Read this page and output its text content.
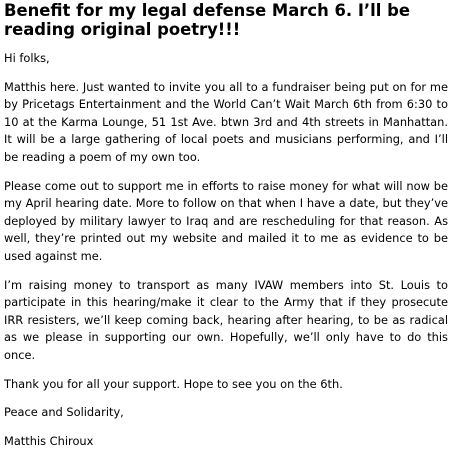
Benefit for my legal defense March 6. I’ll be reading original poetry!!!

Hi folks,

Matthis here. Just wanted to invite you all to a fundraiser being put on for me by Pricetags Entertainment and the World Can’t Wait March 6th from 6:30 to 10 at the Karma Lounge, 51 1st Ave. btwn 3rd and 4th streets in Manhattan. It will be a large gathering of local poets and musicians performing, and I’ll be reading a poem of my own too.

Please come out to support me in efforts to raise money for what will now be my April hearing date. More to follow on that when I have a date, but they’ve deployed by military lawyer to Iraq and are rescheduling for that reason. As well, they’re printed out my website and mailed it to me as evidence to be used against me.

I’m raising money to transport as many IVAW members into St. Louis to participate in this hearing/make it clear to the Army that if they prosecute IRR resisters, we’ll keep coming back, hearing after hearing, to be as radical as we please in supporting our own. Hopefully, we’ll only have to do this once.

Thank you for all your support. Hope to see you on the 6th.

Peace and Solidarity,

Matthis Chiroux
